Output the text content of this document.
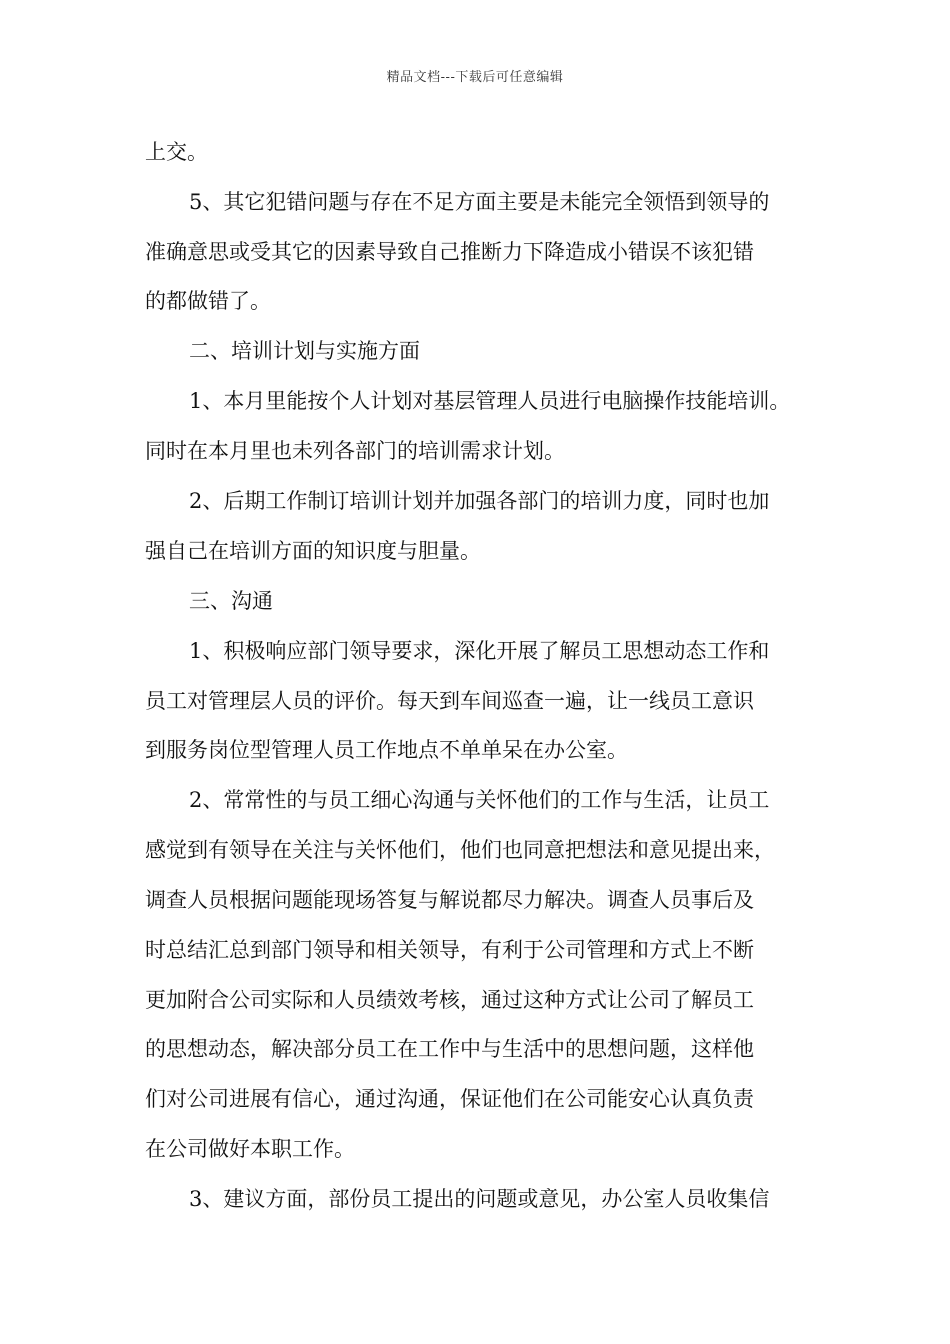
精品文档---下载后可任意编辑
上交。
5、其它犯错问题与存在不足方面主要是未能完全领悟到领导的
准确意思或受其它的因素导致自己推断力下降造成小错误不该犯错
的都做错了。
二、培训计划与实施方面
1、本月里能按个人计划对基层管理人员进行电脑操作技能培训。
同时在本月里也未列各部门的培训需求计划。
2、后期工作制订培训计划并加强各部门的培训力度，同时也加
强自己在培训方面的知识度与胆量。
三、沟通
1、积极响应部门领导要求，深化开展了解员工思想动态工作和
员工对管理层人员的评价。每天到车间巡查一遍，让一线员工意识
到服务岗位型管理人员工作地点不单单呆在办公室。
2、常常性的与员工细心沟通与关怀他们的工作与生活，让员工
感觉到有领导在关注与关怀他们，他们也同意把想法和意见提出来，
调查人员根据问题能现场答复与解说都尽力解决。调查人员事后及
时总结汇总到部门领导和相关领导，有利于公司管理和方式上不断
更加附合公司实际和人员绩效考核，通过这种方式让公司了解员工
的思想动态，解决部分员工在工作中与生活中的思想问题，这样他
们对公司进展有信心，通过沟通，保证他们在公司能安心认真负责
在公司做好本职工作。
3、建议方面，部份员工提出的问题或意见，办公室人员收集信
